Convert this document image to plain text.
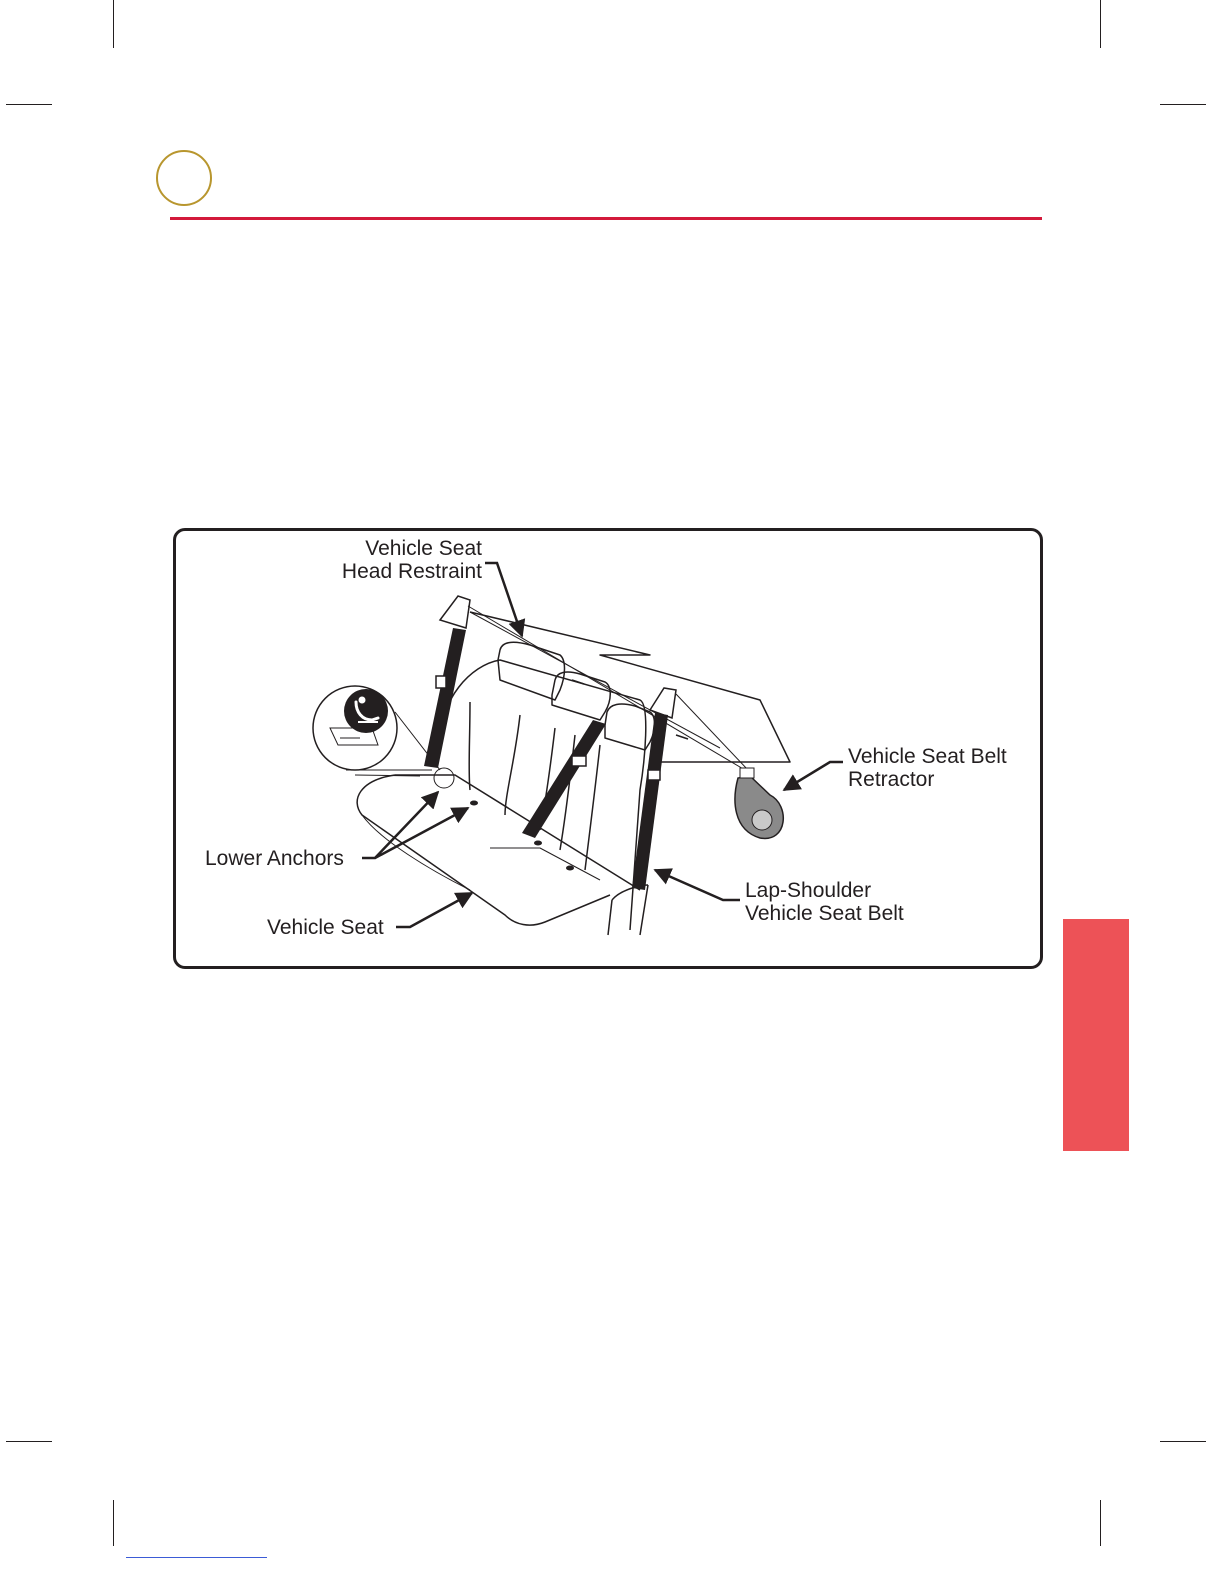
Vehicle Seat
Head Restraint
Vehicle Seat Belt
Retractor
Lower Anchors
Vehicle Seat
Lap-Shoulder
Vehicle Seat Belt
